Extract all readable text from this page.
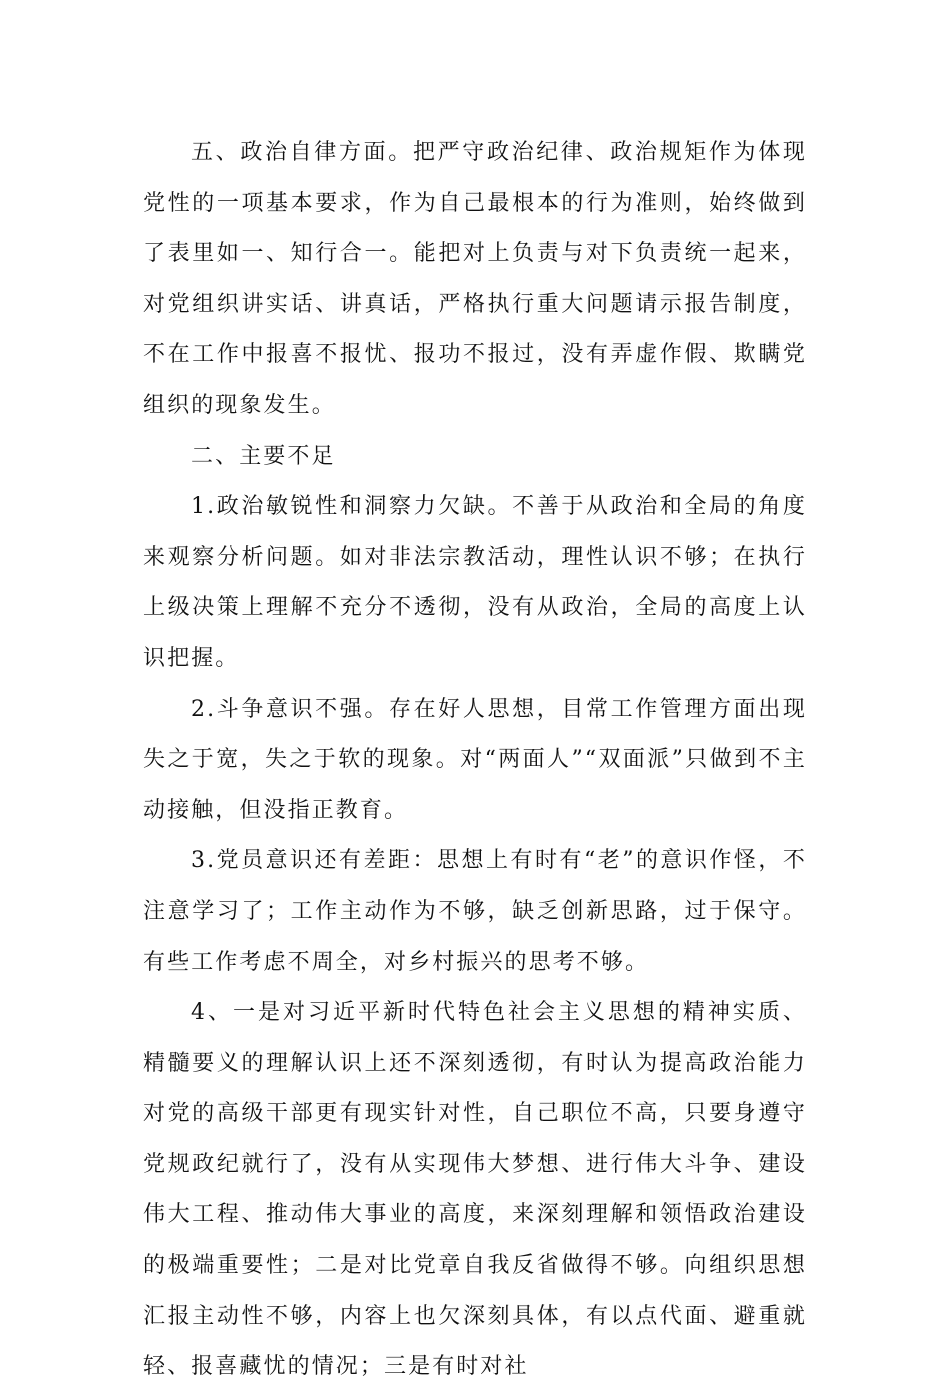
五、政治自律方面。把严守政治纪律、政治规矩作为体现党性的一项基本要求，作为自己最根本的行为准则，始终做到了表里如一、知行合一。能把对上负责与对下负责统一起来，对党组织讲实话、讲真话，严格执行重大问题请示报告制度，不在工作中报喜不报忧、报功不报过，没有弄虚作假、欺瞒党组织的现象发生。

二、主要不足

1.政治敏锐性和洞察力欠缺。不善于从政治和全局的角度来观察分析问题。如对非法宗教活动，理性认识不够；在执行上级决策上理解不充分不透彻，没有从政治，全局的高度上认识把握。

2.斗争意识不强。存在好人思想，目常工作管理方面出现失之于宽，失之于软的现象。对“两面人”“双面派”只做到不主动接触，但没指正教育。

3.党员意识还有差距：思想上有时有“老”的意识作怪，不注意学习了；工作主动作为不够，缺乏创新思路，过于保守。有些工作考虑不周全，对乡村振兴的思考不够。

4、一是对习近平新时代特色社会主义思想的精神实质、精髓要义的理解认识上还不深刻透彻，有时认为提高政治能力对党的高级干部更有现实针对性，自己职位不高，只要身遵守党规政纪就行了，没有从实现伟大梦想、进行伟大斗争、建设伟大工程、推动伟大事业的高度，来深刻理解和领悟政治建设的极端重要性；二是对比党章自我反省做得不够。向组织思想汇报主动性不够，内容上也欠深刻具体，有以点代面、避重就轻、报喜藏忧的情况；三是有时对社
